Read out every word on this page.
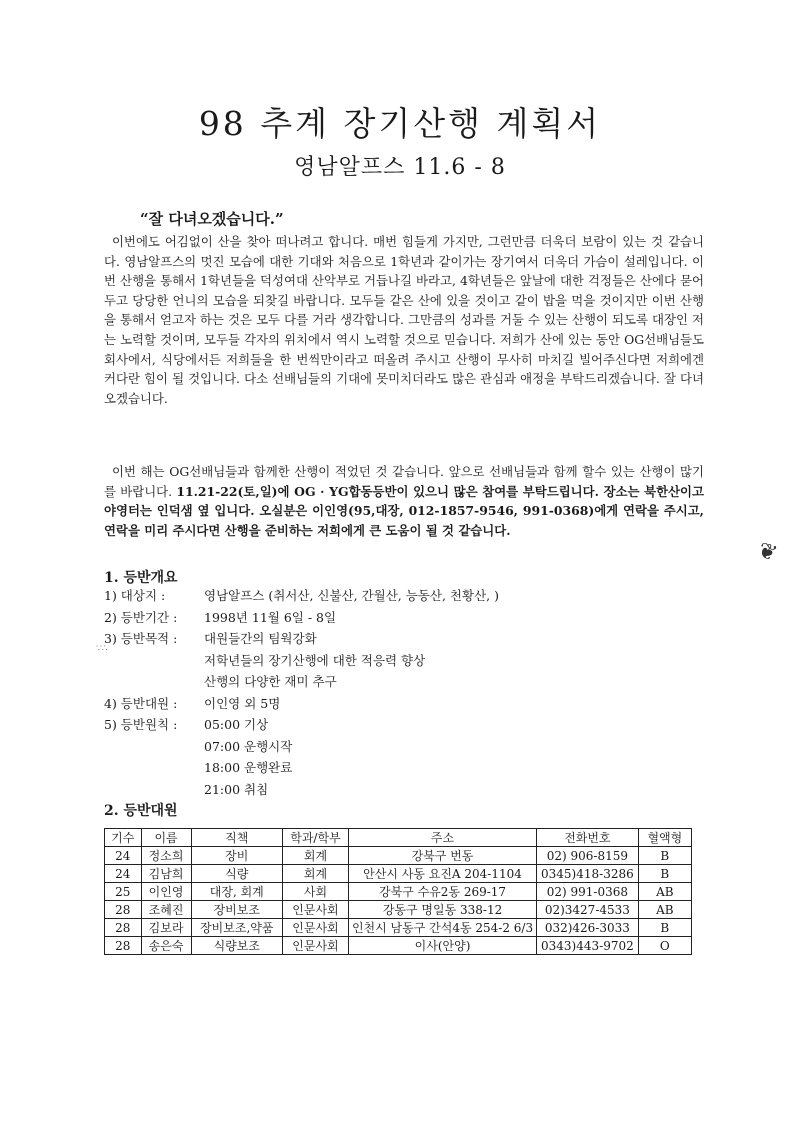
98 추계 장기산행 계획서
영남알프스 11.6 - 8
“잘 다녀오겠습니다.”
이번에도 어김없이 산을 찾아 떠나려고 합니다. 매번 힘들게 가지만, 그런만큼 더욱더 보람이 있는 것 같습니다. 영남알프스의 멋진 모습에 대한 기대와 처음으로 1학년과 같이가는 장기여서 더욱더 가슴이 설레입니다. 이번 산행을 통해서 1학년들을 덕성여대 산악부로 거듭나길 바라고, 4학년들은 앞날에 대한 걱정들은 산에다 묻어두고 당당한 언니의 모습을 되찾길 바랍니다. 모두들 같은 산에 있을 것이고 같이 밥을 먹을 것이지만 이번 산행을 통해서 얻고자 하는 것은 모두 다를 거라 생각합니다. 그만큼의 성과를 거둘 수 있는 산행이 되도록 대장인 저는 노력할 것이며, 모두들 각자의 위치에서 역시 노력할 것으로 믿습니다. 저희가 산에 있는 동안 OG선배님들도 회사에서, 식당에서든 저희들을 한 번씩만이라고 떠올려 주시고 산행이 무사히 마치길 빌어주신다면 저희에겐 커다란 힘이 될 것입니다. 다소 선배님들의 기대에 못미치더라도 많은 관심과 애정을 부탁드리겠습니다. 잘 다녀오겠습니다.
이번 해는 OG선배님들과 함께한 산행이 적었던 것 같습니다. 앞으로 선배님들과 함께 할수 있는 산행이 많기를 바랍니다. 11.21-22(토,일)에 OG · YG합동등반이 있으니 많은 참여를 부탁드립니다. 장소는 북한산이고 야영터는 인덕샘 옆 입니다. 오실분은 이인영(95,대장, 012-1857-9546, 991-0368)에게 연락을 주시고, 연락을 미리 주시다면 산행을 준비하는 저희에게 큰 도움이 될 것 같습니다.
❦
∵∴
1. 등반개요
1) 대상지 :	영남알프스 (취서산, 신불산, 간월산, 능동산, 천황산, )
2) 등반기간 :	1998년 11월 6일 - 8일
3) 등반목적 :	대원들간의 팀웍강화
저학년들의 장기산행에 대한 적응력 향상
산행의 다양한 재미 추구
4) 등반대원 :	이인영 외 5명
5) 등반원칙 :	05:00 기상
07:00 운행시작
18:00 운행완료
21:00 취침
2. 등반대원
기수	이름	직책	학과/학부	주소	전화번호	혈액형
24	정소희	장비	회계	강북구 번동	02) 906-8159	B
24	김남희	식량	회계	안산시 사동 요진A 204-1104	0345)418-3286	B
25	이인영	대장, 회계	사회	강북구 수유2동 269-17	02) 991-0368	AB
28	조혜진	장비보조	인문사회	강동구 명일동 338-12	02)3427-4533	AB
28	김보라	장비보조,약품	인문사회	인천시 남동구 간석4동 254-2 6/3	032)426-3033	B
28	송은숙	식량보조	인문사회	이사(안양)	0343)443-9702	O
